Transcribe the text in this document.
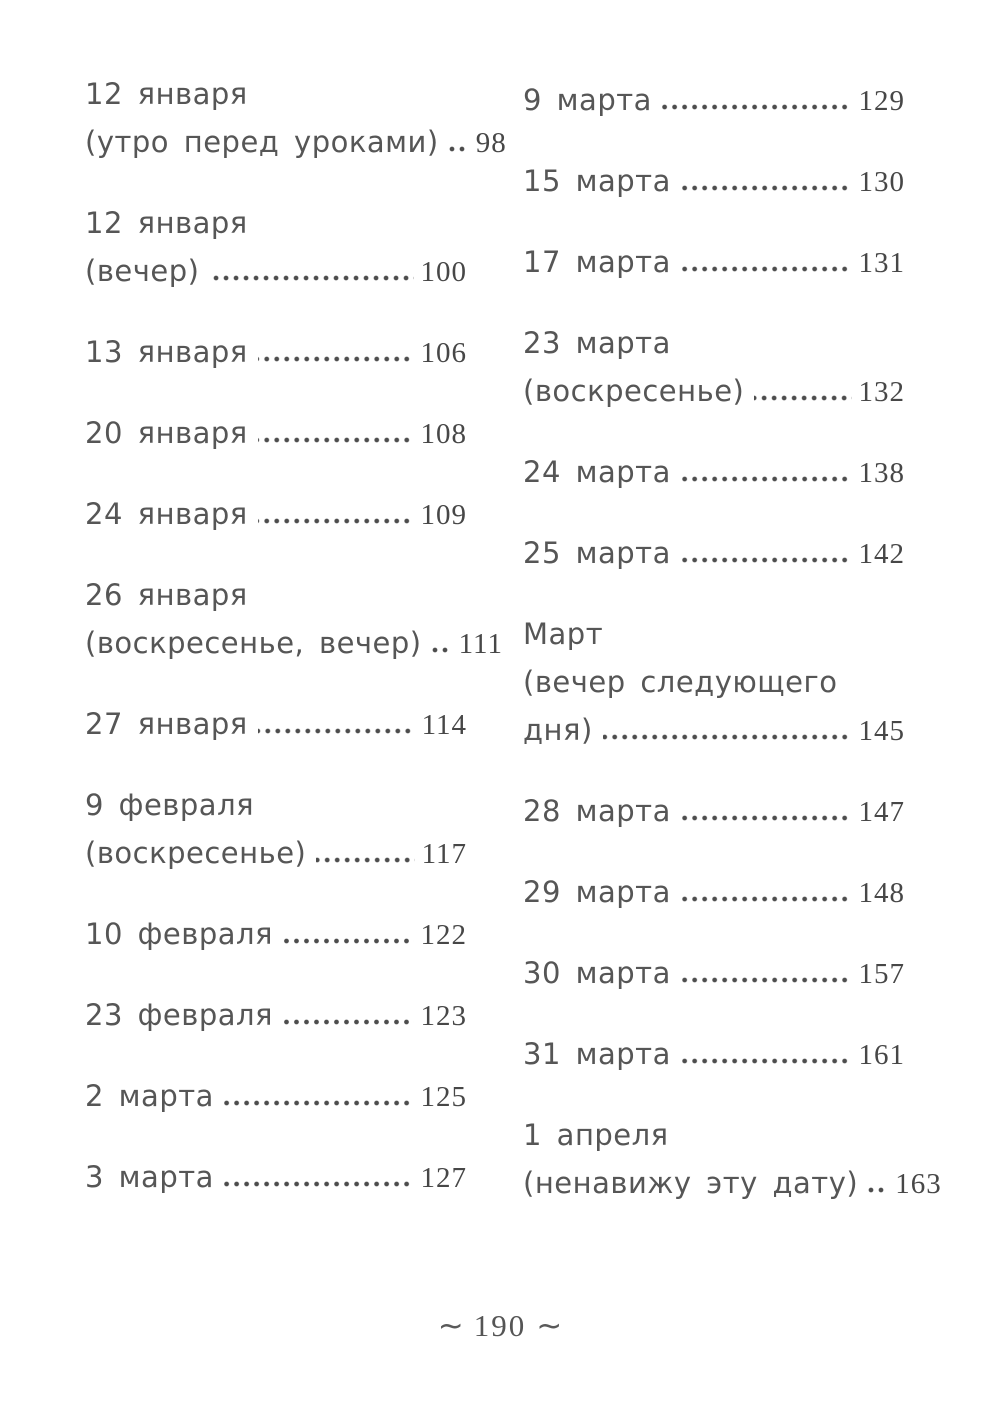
12 января
(утро перед уроками) 98
12 января
(вечер)	100
13 января	106
20 января	108
24 января	109
26 января
(воскресенье, вечер) 111
27 января	114
9 февраля
(воскресенье)	117
10 февраля	122
23 февраля	123
2 марта	125
3 марта	127
9 марта	129
15 марта	130
17 марта	131
23 марта
(воскресенье)	132
24 марта	138
25 марта	142
Март
(вечер следующего
дня)	145
28 марта	147
29 марта	148
30 марта	157
31 марта	161
1 апреля
(ненавижу эту дату) 163
∼ 190 ∼
